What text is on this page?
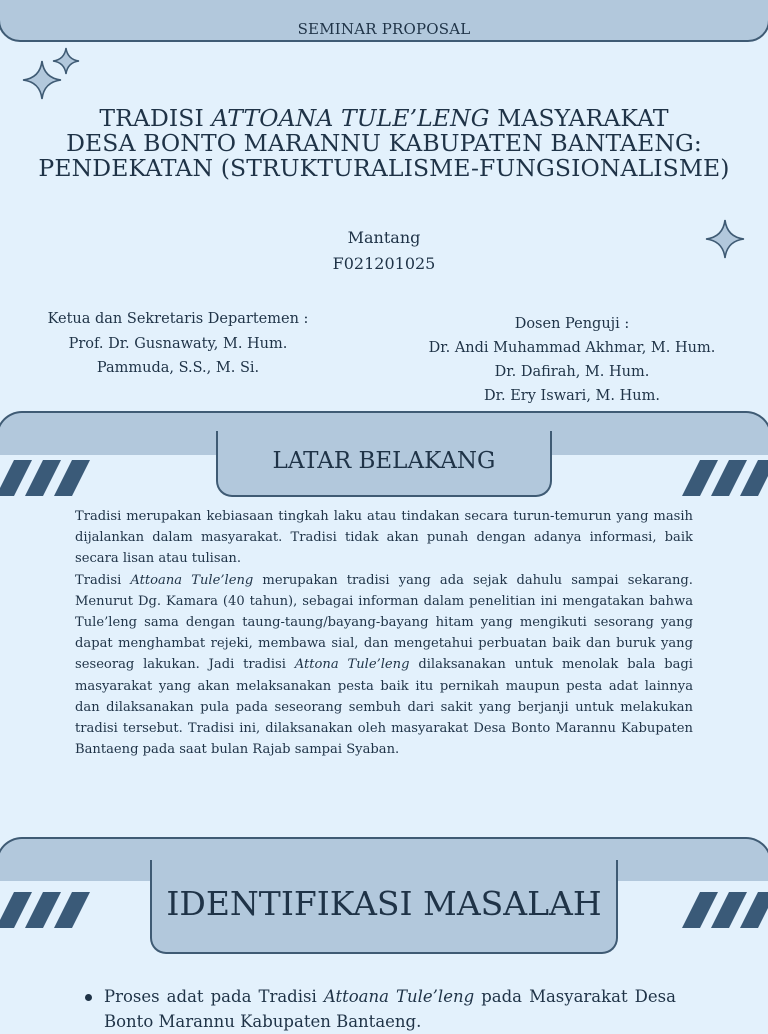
SEMINAR PROPOSAL
TRADISI ATTOANA TULE’LENG MASYARAKAT
DESA BONTO MARANNU KABUPATEN BANTAENG:
PENDEKATAN (STRUKTURALISME-FUNGSIONALISME)
Mantang
F021201025
Ketua dan Sekretaris Departemen :
Prof. Dr. Gusnawaty, M. Hum.
Pammuda, S.S., M. Si.
Dosen Penguji :
Dr. Andi Muhammad Akhmar, M. Hum.
Dr. Dafirah, M. Hum.
Dr. Ery Iswari, M. Hum.
LATAR BELAKANG

Tradisi merupakan kebiasaan tingkah laku atau tindakan secara turun-temurun yang masih dijalankan dalam masyarakat. Tradisi tidak akan punah dengan adanya informasi, baik secara lisan atau tulisan.

Tradisi Attoana Tule’leng merupakan tradisi yang ada sejak dahulu sampai sekarang. Menurut Dg. Kamara (40 tahun), sebagai informan dalam penelitian ini mengatakan bahwa Tule’leng sama dengan taung-taung/bayang-bayang hitam yang mengikuti sesorang yang dapat menghambat rejeki, membawa sial, dan mengetahui perbuatan baik dan buruk yang seseorag lakukan. Jadi tradisi Attona Tule’leng dilaksanakan untuk menolak bala bagi masyarakat yang akan melaksanakan pesta baik itu pernikah maupun pesta adat lainnya dan dilaksanakan pula pada seseorang sembuh dari sakit yang berjanji untuk melakukan tradisi tersebut. Tradisi ini, dilaksanakan oleh masyarakat Desa Bonto Marannu Kabupaten Bantaeng pada saat bulan Rajab sampai Syaban.

IDENTIFIKASI MASALAH
Proses adat pada Tradisi Attoana Tule’leng pada Masyarakat Desa Bonto Marannu Kabupaten Bantaeng.
